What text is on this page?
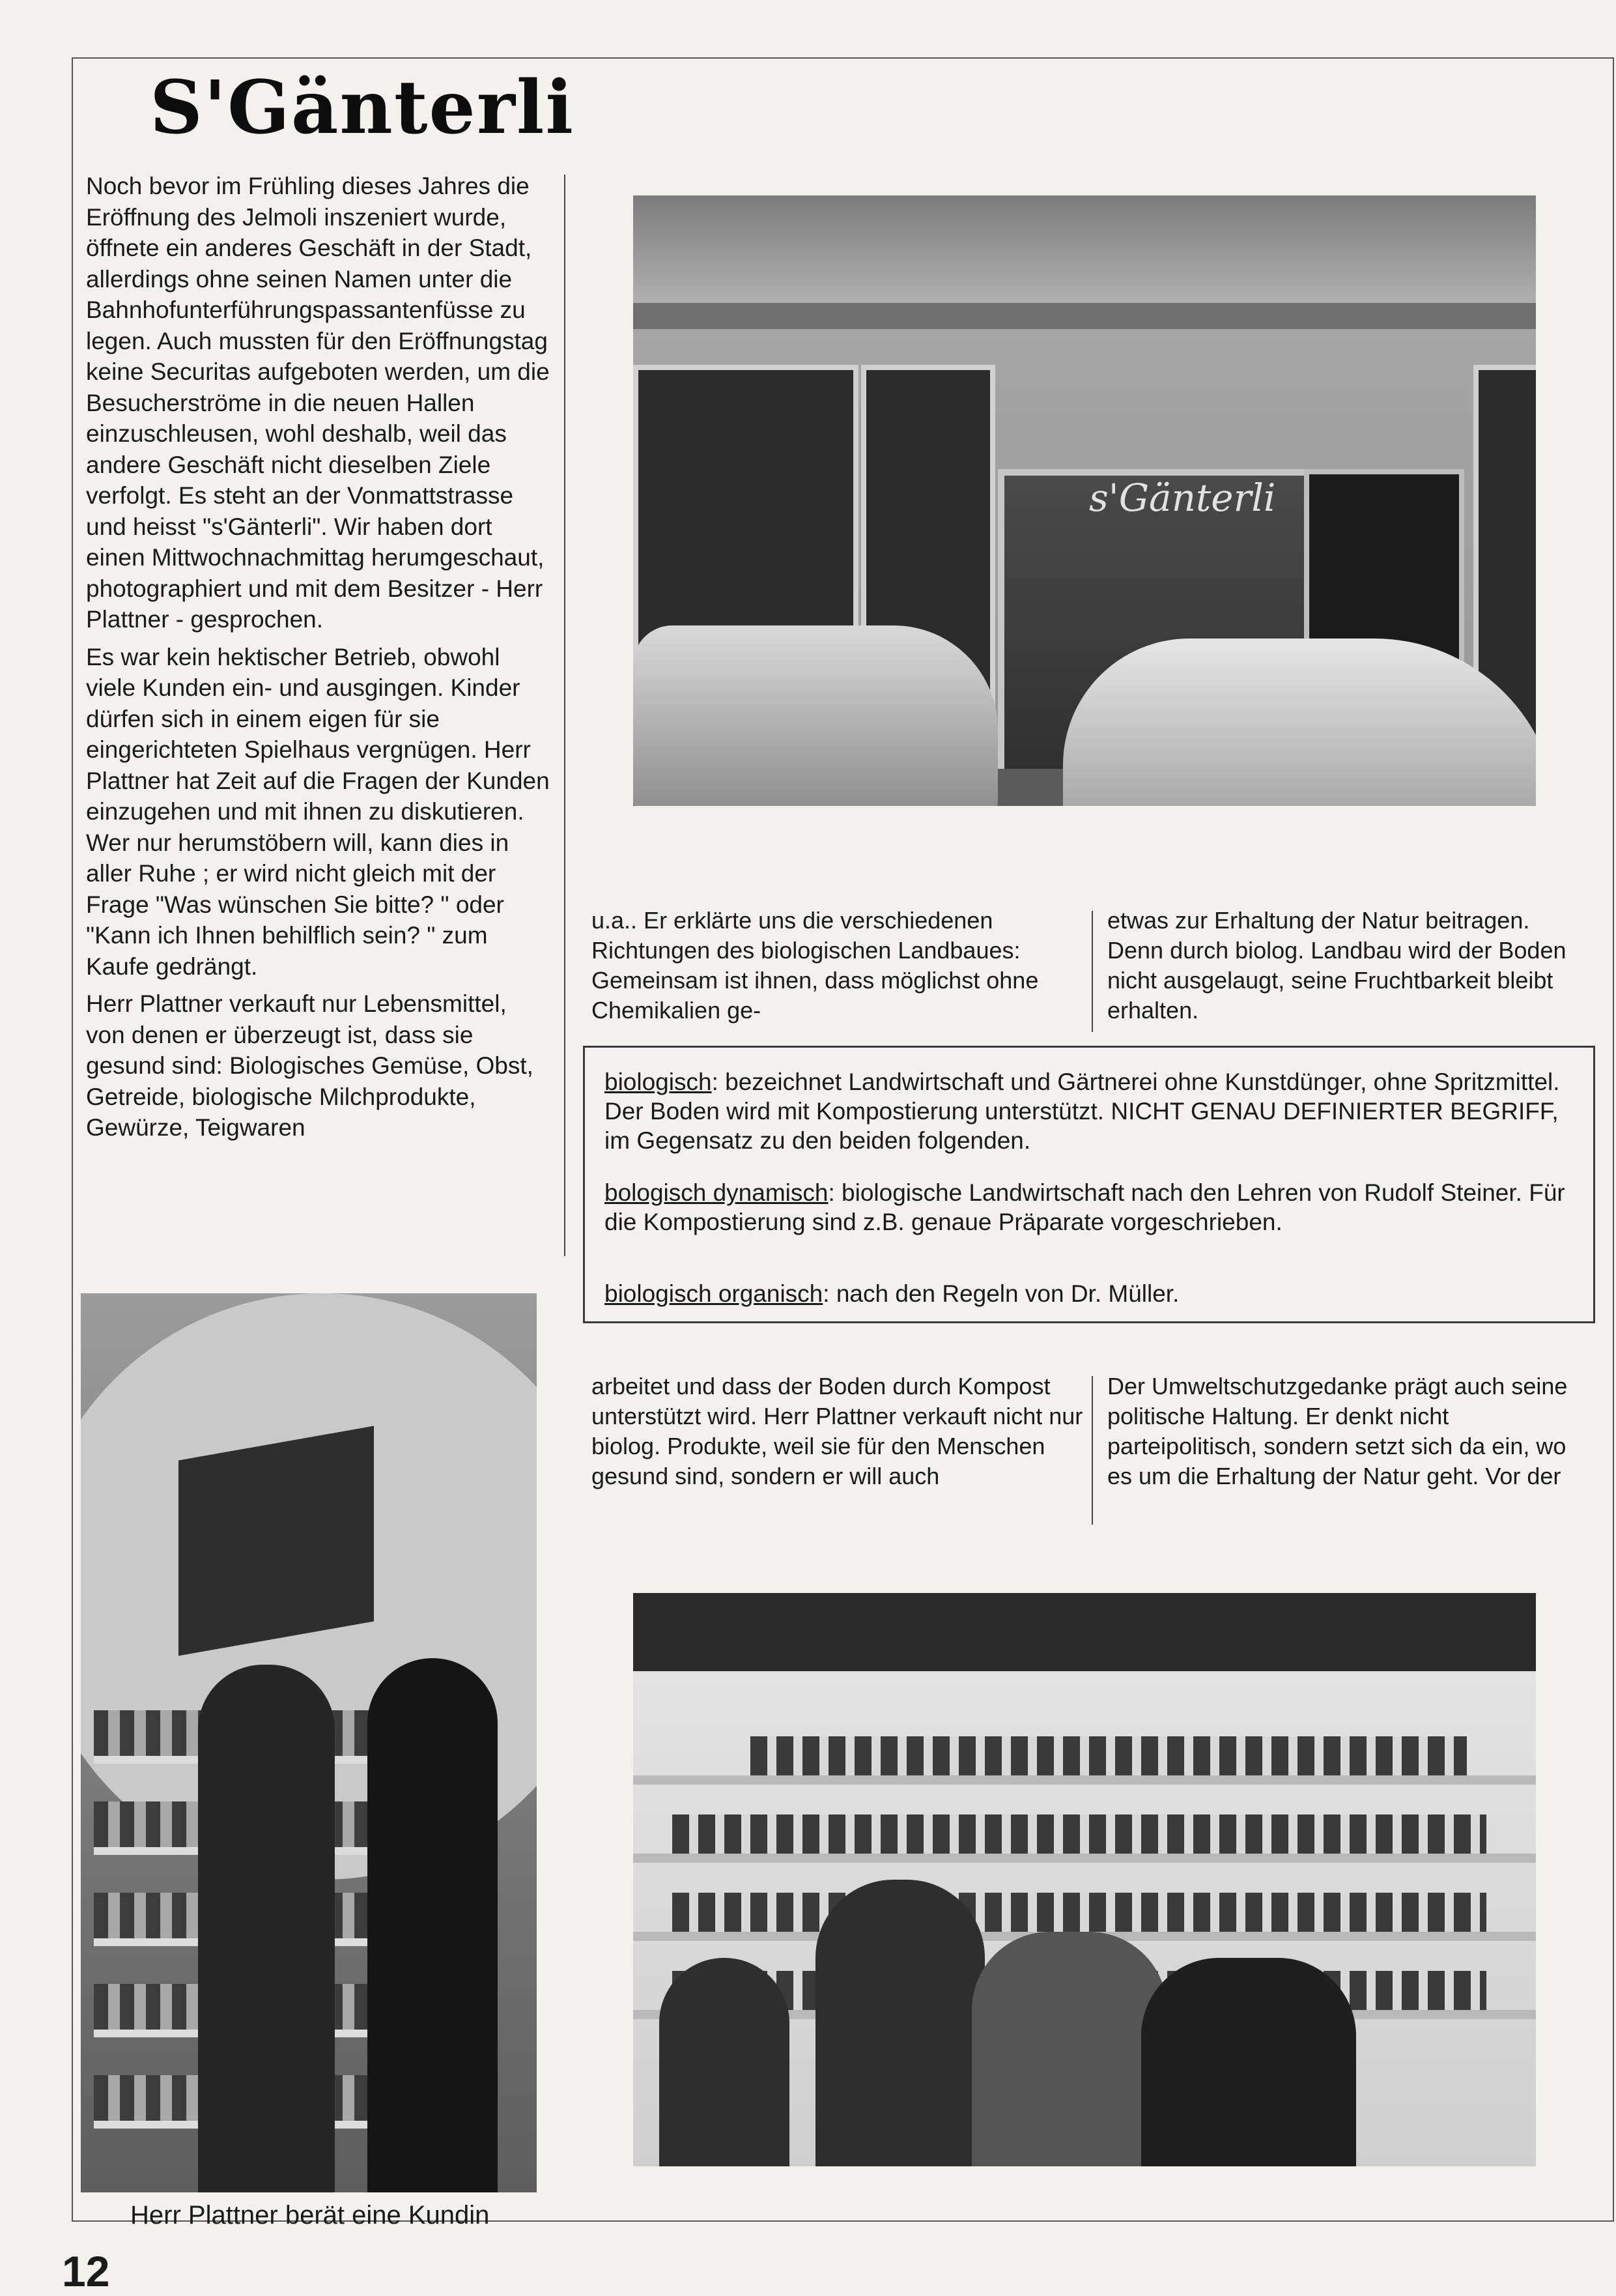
S'Gänterli

Noch bevor im Frühling dieses Jahres die Eröffnung des Jelmoli inszeniert wurde, öffnete ein anderes Geschäft in der Stadt, allerdings ohne seinen Namen unter die Bahnhofunterführungspassantenfüsse zu legen. Auch mussten für den Eröffnungstag keine Securitas aufgeboten werden, um die Besucherströme in die neuen Hallen einzuschleusen, wohl deshalb, weil das andere Geschäft nicht dieselben Ziele verfolgt. Es steht an der Vonmattstrasse und heisst "s'Gänterli". Wir haben dort einen Mittwochnachmittag herumgeschaut, photographiert und mit dem Besitzer - Herr Plattner - gesprochen.

Es war kein hektischer Betrieb, obwohl viele Kunden ein- und ausgingen. Kinder dürfen sich in einem eigen für sie eingerichteten Spielhaus vergnügen. Herr Plattner hat Zeit auf die Fragen der Kunden einzugehen und mit ihnen zu diskutieren. Wer nur herumstöbern will, kann dies in aller Ruhe ; er wird nicht gleich mit der Frage "Was wünschen Sie bitte? " oder "Kann ich Ihnen behilflich sein? " zum Kaufe gedrängt.

Herr Plattner verkauft nur Lebensmittel, von denen er überzeugt ist, dass sie gesund sind: Biologisches Gemüse, Obst, Getreide, biologische Milchprodukte, Gewürze, Teigwaren

s'Gänterli
u.a.. Er erklärte uns die verschiedenen Richtungen des biologischen Landbaues: Gemeinsam ist ihnen, dass möglichst ohne Chemikalien ge-
etwas zur Erhaltung der Natur beitragen. Denn durch biolog. Landbau wird der Boden nicht ausgelaugt, seine Fruchtbarkeit bleibt erhalten.

biologisch: bezeichnet Landwirtschaft und Gärtnerei ohne Kunstdünger, ohne Spritzmittel. Der Boden wird mit Kompostierung unterstützt. NICHT GENAU DEFINIERTER BEGRIFF, im Gegensatz zu den beiden folgenden.

bologisch dynamisch: biologische Landwirtschaft nach den Lehren von Rudolf Steiner. Für die Kompostierung sind z.B. genaue Präparate vorgeschrieben.

biologisch organisch: nach den Regeln von Dr. Müller.

Herr Plattner berät eine Kundin
arbeitet und dass der Boden durch Kompost unterstützt wird. Herr Plattner verkauft nicht nur biolog. Produkte, weil sie für den Menschen gesund sind, sondern er will auch
Der Umweltschutzgedanke prägt auch seine politische Haltung. Er denkt nicht parteipolitisch, sondern setzt sich da ein, wo es um die Erhaltung der Natur geht. Vor der
12
